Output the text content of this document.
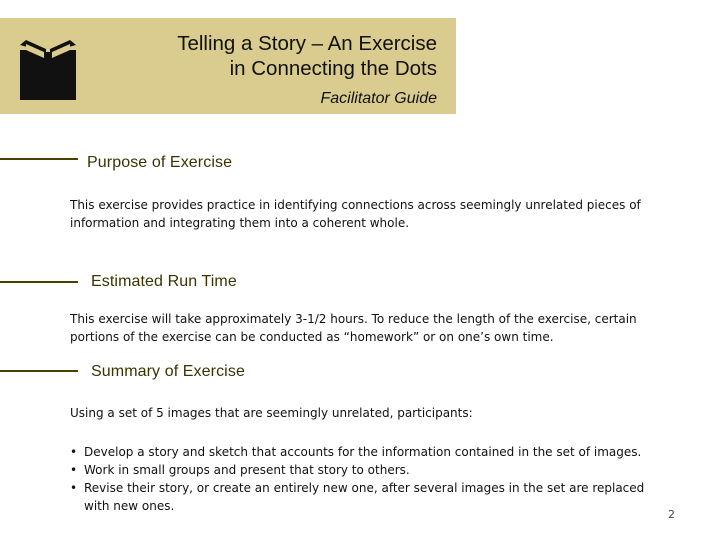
Telling a Story – An Exercise
in Connecting the Dots
Facilitator Guide
Purpose of Exercise
This exercise provides practice in identifying connections across seemingly unrelated pieces of information and integrating them into a coherent whole.
Estimated Run Time
This exercise will take approximately 3-1/2 hours. To reduce the length of the exercise, certain portions of the exercise can be conducted as “homework” or on one’s own time.
Summary of Exercise
Using a set of 5 images that are seemingly unrelated, participants:
• Develop a story and sketch that accounts for the information contained in the set of images.
• Work in small groups and present that story to others.
• Revise their story, or create an entirely new one, after several images in the set are replaced with new ones.
2
